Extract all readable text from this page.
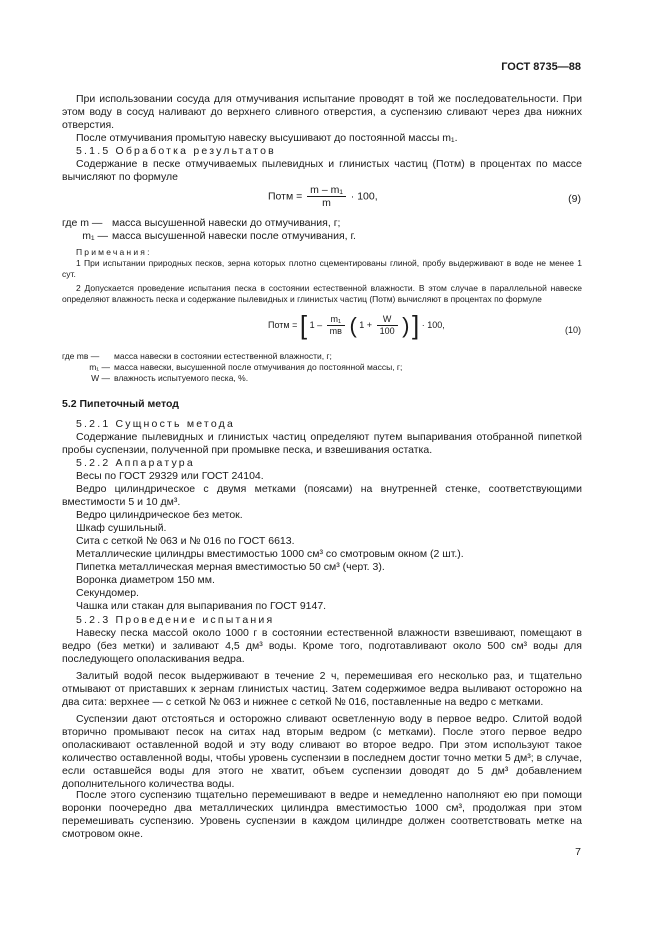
ГОСТ 8735—88

При использовании сосуда для отмучивания испытание проводят в той же последовательности. При этом воду в сосуд наливают до верхнего сливного отверстия, а суспензию сливают через два нижних отверстия.

После отмучивания промытую навеску высушивают до постоянной массы m₁.

5.1.5 Обработка результатов

Содержание в песке отмучиваемых пылевидных и глинистых частиц (Потм) в процентах по массе вычисляют по формуле

Потм = $\frac{\text{m – m₁}}{m} \cdot 100$,	(9)
где m — масса высушенной навески до отмучивания, г;
m₁ — масса высушенной навески после отмучивания, г.

Примечания:

1 При испытании природных песков, зерна которых плотно сцементированы глиной, пробу выдерживают в воде не менее 1 сут.

2 Допускается проведение испытания песка в состоянии естественной влажности. В этом случае в параллельной навеске определяют влажность песка и содержание пылевидных и глинистых частиц (Потм) вычисляют в процентах по формуле

Потм = [ $1 - \frac{\text{m₁}}{mв}$ ( $1 + \frac{W}{100}$ ) ] · 100,
(10)
где mв —	масса навески в состоянии естественной влажности, г;
m₁ — масса навески, высушенной после отмучивания до постоянной массы, г;
W — влажность испытуемого песка, %.

5.2 Пипеточный метод

5.2.1 Сущность метода

Содержание пылевидных и глинистых частиц определяют путем выпаривания отобранной пипеткой пробы суспензии, полученной при промывке песка, и взвешивания остатка.

5.2.2 Аппаратура

Весы по ГОСТ 29329 или ГОСТ 24104.
Ведро цилиндрическое с двумя метками (поясами) на внутренней стенке, соответствующими вместимости 5 и 10 дм³.
Ведро цилиндрическое без меток.
Шкаф сушильный.
Сита с сеткой № 063 и № 016 по ГОСТ 6613.
Металлические цилиндры вместимостью 1000 см³ со смотровым окном (2 шт.).
Пипетка металлическая мерная вместимостью 50 см³ (черт. 3).
Воронка диаметром 150 мм.
Секундомер.
Чашка или стакан для выпаривания по ГОСТ 9147.

5.2.3 Проведение испытания

Навеску песка массой около 1000 г в состоянии естественной влажности взвешивают, помещают в ведро (без метки) и заливают 4,5 дм³ воды. Кроме того, подготавливают около 500 см³ воды для последующего ополаскивания ведра.

Залитый водой песок выдерживают в течение 2 ч, перемешивая его несколько раз, и тщательно отмывают от приставших к зернам глинистых частиц. Затем содержимое ведра выливают осторожно на два сита: верхнее — с сеткой № 063 и нижнее с сеткой № 016, поставленные на ведро с метками.

Суспензии дают отстояться и осторожно сливают осветленную воду в первое ведро. Слитой водой вторично промывают песок на ситах над вторым ведром (с метками). После этого первое ведро ополаскивают оставленной водой и эту воду сливают во второе ведро. При этом используют такое количество оставленной воды, чтобы уровень суспензии в последнем достиг точно метки 5 дм³; в случае, если оставшейся воды для этого не хватит, объем суспензии доводят до 5 дм³ добавлением дополнительного количества воды.

После этого суспензию тщательно перемешивают в ведре и немедленно наполняют ею при помощи воронки поочередно два металлических цилиндра вместимостью 1000 см³, продолжая при этом перемешивать суспензию. Уровень суспензии в каждом цилиндре должен соответствовать метке на смотровом окне.

7
